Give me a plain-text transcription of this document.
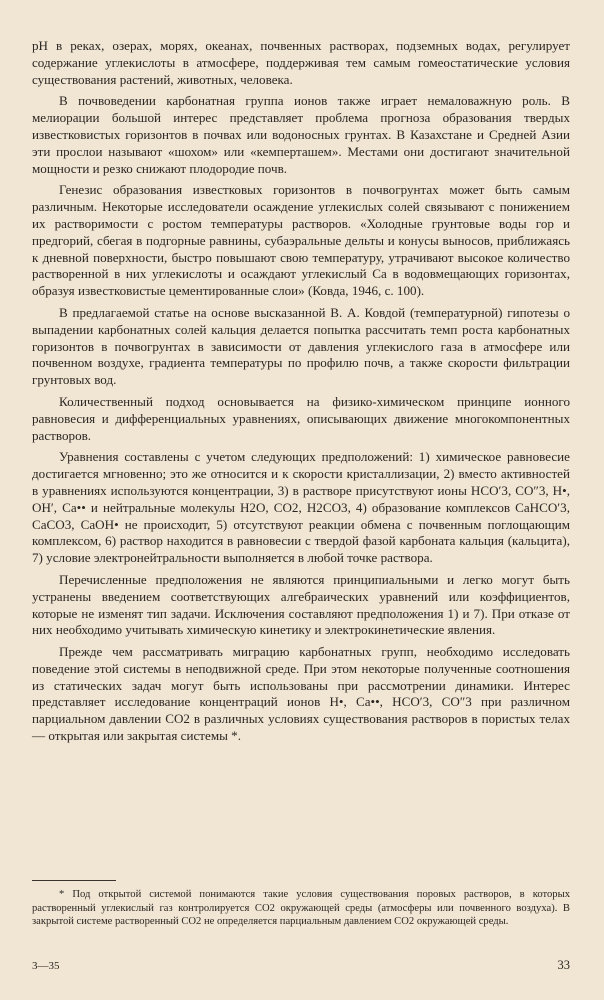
pH в реках, озерах, морях, океанах, почвенных растворах, подземных водах, регулирует содержание углекислоты в атмосфере, поддерживая тем самым гомеостатические условия существования растений, животных, человека.

В почвоведении карбонатная группа ионов также играет немаловажную роль. В мелиорации большой интерес представляет проблема прогноза образования твердых известковистых горизонтов в почвах или водоносных грунтах. В Казахстане и Средней Азии эти прослои называют «шохом» или «кемперташем». Местами они достигают значительной мощности и резко снижают плодородие почв.

Генезис образования известковых горизонтов в почвогрунтах может быть самым различным. Некоторые исследователи осаждение углекислых солей связывают с понижением их растворимости с ростом температуры растворов. «Холодные грунтовые воды гор и предгорий, сбегая в подгорные равнины, субаэральные дельты и конусы выносов, приближаясь к дневной поверхности, быстро повышают свою температуру, утрачивают высокое количество растворенной в них углекислоты и осаждают углекислый Са в водовмещающих горизонтах, образуя известковистые цементированные слои» (Ковда, 1946, с. 100).

В предлагаемой статье на основе высказанной В. А. Ковдой (температурной) гипотезы о выпадении карбонатных солей кальция делается попытка рассчитать темп роста карбонатных горизонтов в почвогрунтах в зависимости от давления углекислого газа в атмосфере или почвенном воздухе, градиента температуры по профилю почв, а также скорости фильтрации грунтовых вод.

Количественный подход основывается на физико-химическом принципе ионного равновесия и дифференциальных уравнениях, описывающих движение многокомпонентных растворов.

Уравнения составлены с учетом следующих предположений: 1) химическое равновесие достигается мгновенно; это же относится и к скорости кристаллизации, 2) вместо активностей в уравнениях используются концентрации, 3) в растворе присутствуют ионы HCO′3, CO″3, H•, OH′, Ca•• и нейтральные молекулы H2O, CO2, H2CO3, 4) образование комплексов CaHCO′3, CaCO3, CaOH• не происходит, 5) отсутствуют реакции обмена с почвенным поглощающим комплексом, 6) раствор находится в равновесии с твердой фазой карбоната кальция (кальцита), 7) условие электронейтральности выполняется в любой точке раствора.

Перечисленные предположения не являются принципиальными и легко могут быть устранены введением соответствующих алгебраических уравнений или коэффициентов, которые не изменят тип задачи. Исключения составляют предположения 1) и 7). При отказе от них необходимо учитывать химическую кинетику и электрокинетические явления.

Прежде чем рассматривать миграцию карбонатных групп, необходимо исследовать поведение этой системы в неподвижной среде. При этом некоторые полученные соотношения из статических задач могут быть использованы при рассмотрении динамики. Интерес представляет исследование концентраций ионов H•, Ca••, HCO′3, CO″3 при различном парциальном давлении CO2 в различных условиях существования растворов в пористых телах — открытая или закрытая системы *.

* Под открытой системой понимаются такие условия существования поровых растворов, в которых растворенный углекислый газ контролируется CO2 окружающей среды (атмосферы или почвенного воздуха). В закрытой системе растворенный CO2 не определяется парциальным давлением CO2 окружающей среды.
3—35	33
